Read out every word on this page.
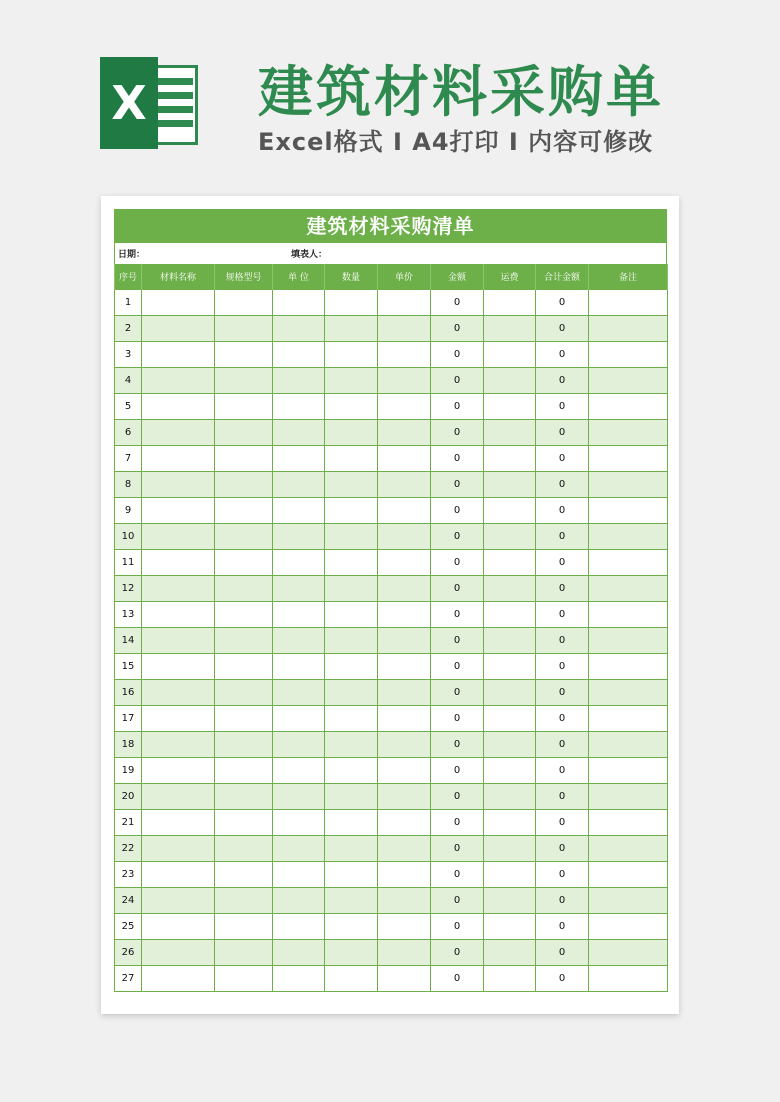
X 建筑材料采购单
Excel格式 I A4打印 I 内容可修改
建筑材料采购清单
日期：	填表人：
序号	材料名称	规格型号	单 位	数量	单价	金额	运费	合计金额	备注
1						0		0	
2						0		0	
3						0		0	
4						0		0	
5						0		0	
6						0		0	
7						0		0	
8						0		0	
9						0		0	
10						0		0	
11						0		0	
12						0		0	
13						0		0	
14						0		0	
15						0		0	
16						0		0	
17						0		0	
18						0		0	
19						0		0	
20						0		0	
21						0		0	
22						0		0	
23						0		0	
24						0		0	
25						0		0	
26						0		0	
27						0		0	
